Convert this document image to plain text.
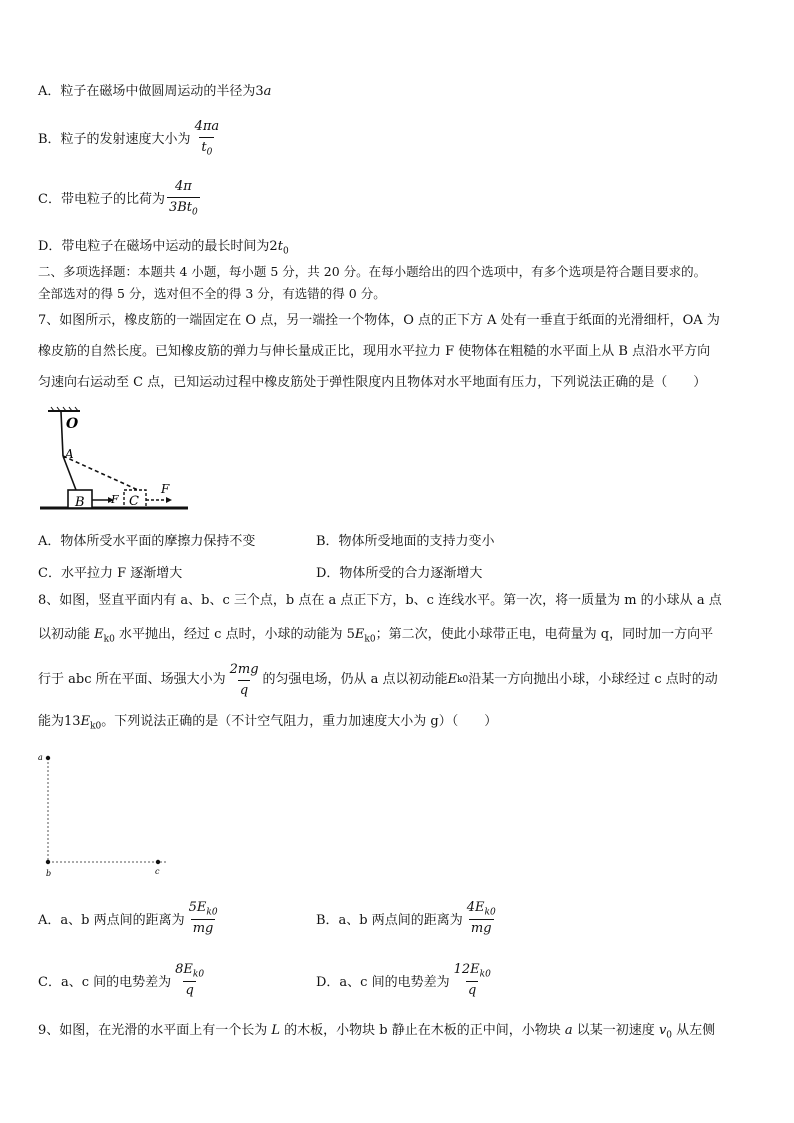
A．粒子在磁场中做圆周运动的半径为3a
B．粒子的发射速度大小为 $\frac{4\pi a}{t_0}$
C．带电粒子的比荷为 $\frac{4\pi}{3Bt_0}$
D．带电粒子在磁场中运动的最长时间为$2t_0$
二、多项选择题：本题共 4 小题，每小题 5 分，共 20 分。在每小题给出的四个选项中，有多个选项是符合题目要求的。
全部选对的得 5 分，选对但不全的得 3 分，有选错的得 0 分。
7、如图所示，橡皮筋的一端固定在 O 点，另一端拴一个物体，O 点的正下方 A 处有一垂直于纸面的光滑细杆，OA 为
橡皮筋的自然长度。已知橡皮筋的弹力与伸长量成正比，现用水平拉力 F 使物体在粗糙的水平面上从 B 点沿水平方向
匀速向右运动至 C 点，已知运动过程中橡皮筋处于弹性限度内且物体对水平地面有压力，下列说法正确的是（　　）
O
A
B F C
F
A．物体所受水平面的摩擦力保持不变	B．物体所受地面的支持力变小
C．水平拉力 F 逐渐增大	D．物体所受的合力逐渐增大
8、如图，竖直平面内有 a、b、c 三个点，b 点在 a 点正下方，b、c 连线水平。第一次，将一质量为 m 的小球从 a 点
以初动能 $E_{k0}$ 水平抛出，经过 c 点时，小球的动能为 $5E_{k0}$；第二次，使此小球带正电，电荷量为 q，同时加一方向平
行于 abc 所在平面、场强大小为 $\frac{2mg}{q}$ 的匀强电场，仍从 a 点以初动能 E k0 沿某一方向抛出小球，小球经过 c 点时的动
能为$13E_{k0}$。下列说法正确的是（不计空气阻力，重力加速度大小为 g）（　　）
a
b	c
A．a、b 两点间的距离为 $\frac{5E_{k0}}{mg}$	B．a、b 两点间的距离为 $\frac{4E_{k0}}{mg}$
C．a、c 间的电势差为 $\frac{8E_{k0}}{q}$	D．a、c 间的电势差为 $\frac{12E_{k0}}{q}$
9、如图，在光滑的水平面上有一个长为 L 的木板，小物块 b 静止在木板的正中间，小物块 a 以某一初速度 $v_0$ 从左侧
